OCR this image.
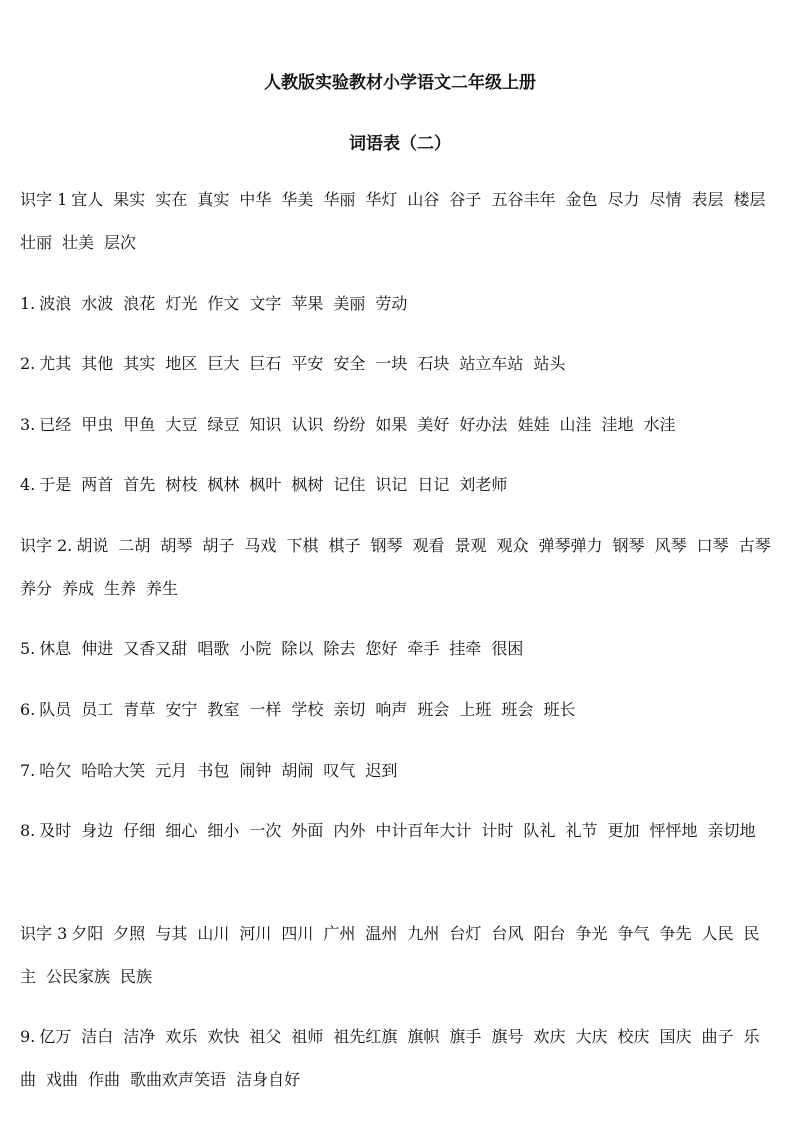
人教版实验教材小学语文二年级上册
词语表（二）
识字 1 宜人 果实 实在 真实 中华 华美 华丽 华灯 山谷 谷子 五谷丰年 金色 尽力 尽情 表层 楼层壮丽 壮美 层次
1. 波浪 水波 浪花 灯光 作文 文字 苹果 美丽 劳动
2. 尤其 其他 其实 地区 巨大 巨石 平安 安全 一块 石块 站立车站 站头
3. 已经 甲虫 甲鱼 大豆 绿豆 知识 认识 纷纷 如果 美好 好办法 娃娃 山洼 洼地 水洼
4. 于是 两首 首先 树枝 枫林 枫叶 枫树 记住 识记 日记 刘老师
识字 2. 胡说 二胡 胡琴 胡子 马戏 下棋 棋子 钢琴 观看 景观 观众 弹琴弹力 钢琴 风琴 口琴 古琴养分 养成 生养 养生
5. 休息 伸进 又香又甜 唱歌 小院 除以 除去 您好 牵手 挂牵 很困
6. 队员 员工 青草 安宁 教室 一样 学校 亲切 响声 班会 上班 班会 班长
7. 哈欠 哈哈大笑 元月 书包 闹钟 胡闹 叹气 迟到
8. 及时 身边 仔细 细心 细小 一次 外面 内外 中计百年大计 计时 队礼 礼节 更加 怦怦地 亲切地
识字 3 夕阳 夕照 与其 山川 河川 四川 广州 温州 九州 台灯 台风 阳台 争光 争气 争先 人民 民主 公民家族 民族
9. 亿万 洁白 洁净 欢乐 欢快 祖父 祖师 祖先红旗 旗帜 旗手 旗号 欢庆 大庆 校庆 国庆 曲子 乐曲 戏曲 作曲 歌曲欢声笑语 洁身自好
